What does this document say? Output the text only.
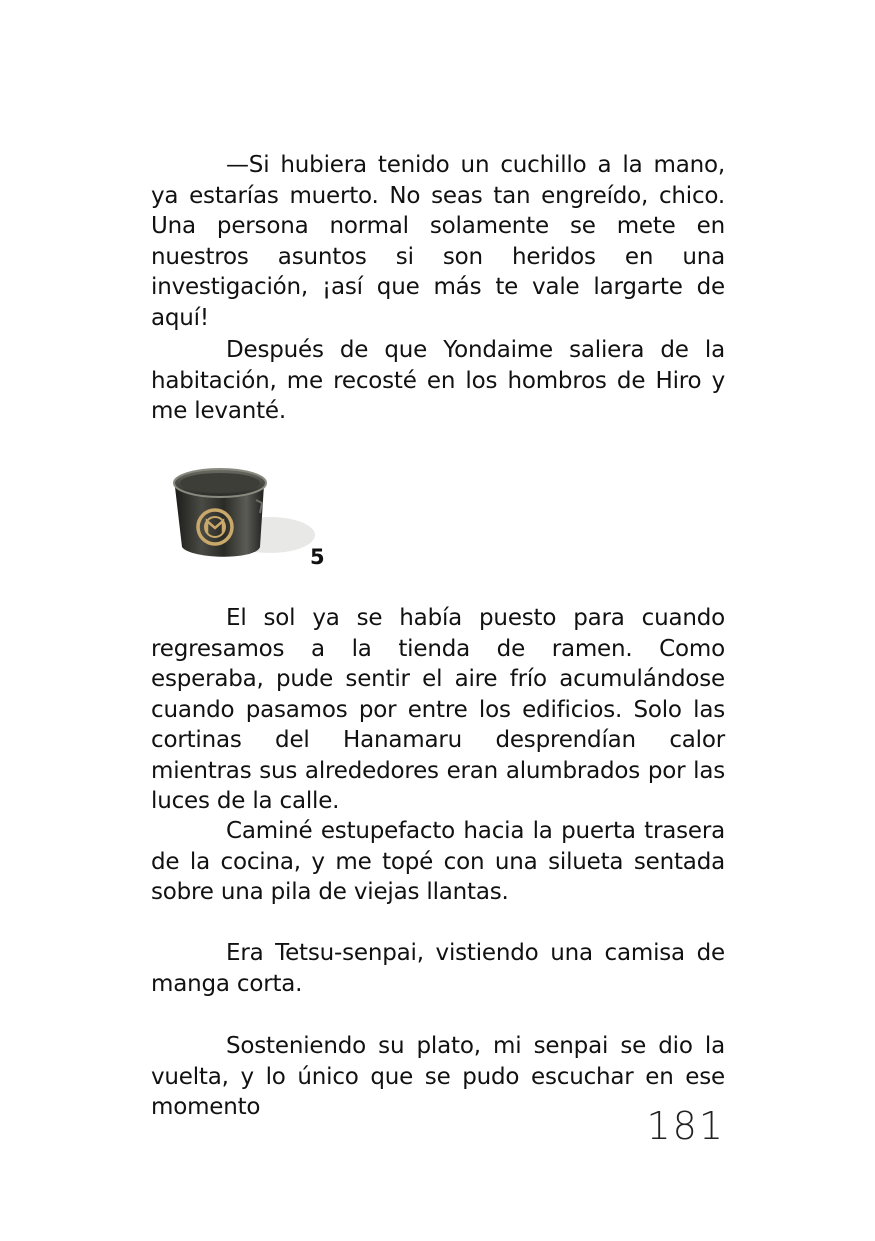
—Si hubiera tenido un cuchillo a la mano, ya estarías muerto. No seas tan engreído, chico. Una persona normal solamente se mete en nuestros asuntos si son heridos en una investigación, ¡así que más te vale largarte de aquí!

Después de que Yondaime saliera de la habitación, me recosté en los hombros de Hiro y me levanté.

5

El sol ya se había puesto para cuando regresamos a la tienda de ramen. Como esperaba, pude sentir el aire frío acumulándose cuando pasamos por entre los edificios. Solo las cortinas del Hanamaru desprendían calor mientras sus alrededores eran alumbrados por las luces de la calle.

Caminé estupefacto hacia la puerta trasera de la cocina, y me topé con una silueta sentada sobre una pila de viejas llantas.

Era Tetsu-senpai, vistiendo una camisa de manga corta.

Sosteniendo su plato, mi senpai se dio la vuelta, y lo único que se pudo escuchar en ese momento	181
